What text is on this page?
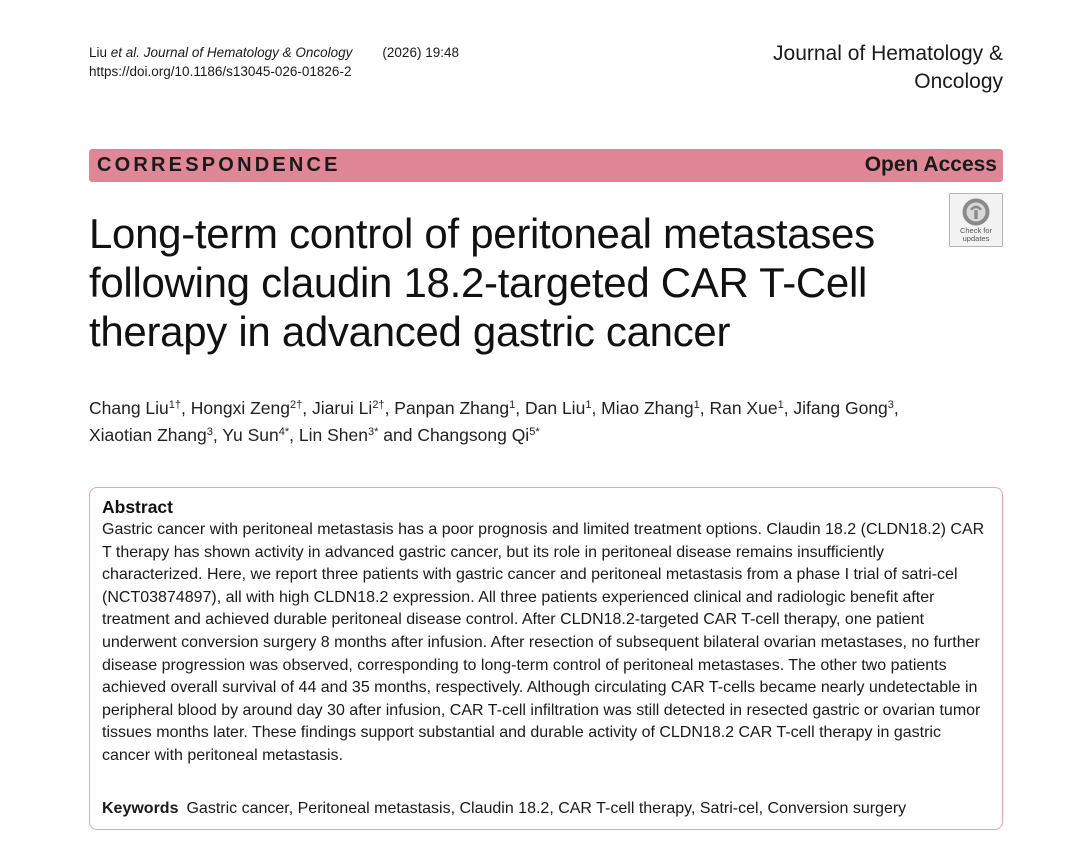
Liu et al. Journal of Hematology & Oncology (2026) 19:48
https://doi.org/10.1186/s13045-026-01826-2
Journal of Hematology &
Oncology
CORRESPONDENCE	Open Access
Check for
updates
Long-term control of peritoneal metastases following claudin 18.2-targeted CAR T-Cell therapy in advanced gastric cancer
Chang Liu$^{1\dagger}$, Hongxi Zeng$^{2\dagger}$, Jiarui $Li^{2\dagger}$, Panpan Zhang$^1$, Dan Liu$^1$, Miao Zhang$^1$, Ran Xue$^1$, Jifang Gong$^3$,
Xiaotian Zhang$^3$, Yu Sun$^{4*}$, Lin Shen$^{3*}$ and Changsong $Qi^{5*}$
Abstract

Gastric cancer with peritoneal metastasis has a poor prognosis and limited treatment options. Claudin 18.2 (CLDN18.2) CAR T therapy has shown activity in advanced gastric cancer, but its role in peritoneal disease remains insufficiently characterized. Here, we report three patients with gastric cancer and peritoneal metastasis from a phase I trial of satri-cel (NCT03874897), all with high CLDN18.2 expression. All three patients experienced clinical and radiologic benefit after treatment and achieved durable peritoneal disease control. After CLDN18.2-targeted CAR T-cell therapy, one patient underwent conversion surgery 8 months after infusion. After resection of subsequent bilateral ovarian metastases, no further disease progression was observed, corresponding to long-term control of peritoneal metastases. The other two patients achieved overall survival of 44 and 35 months, respectively. Although circulating CAR T-cells became nearly undetectable in peripheral blood by around day 30 after infusion, CAR T-cell infiltration was still detected in resected gastric or ovarian tumor tissues months later. These findings support substantial and durable activity of CLDN18.2 CAR T-cell therapy in gastric cancer with peritoneal metastasis.

Keywords Gastric cancer, Peritoneal metastasis, Claudin 18.2, CAR T-cell therapy, Satri-cel, Conversion surgery
